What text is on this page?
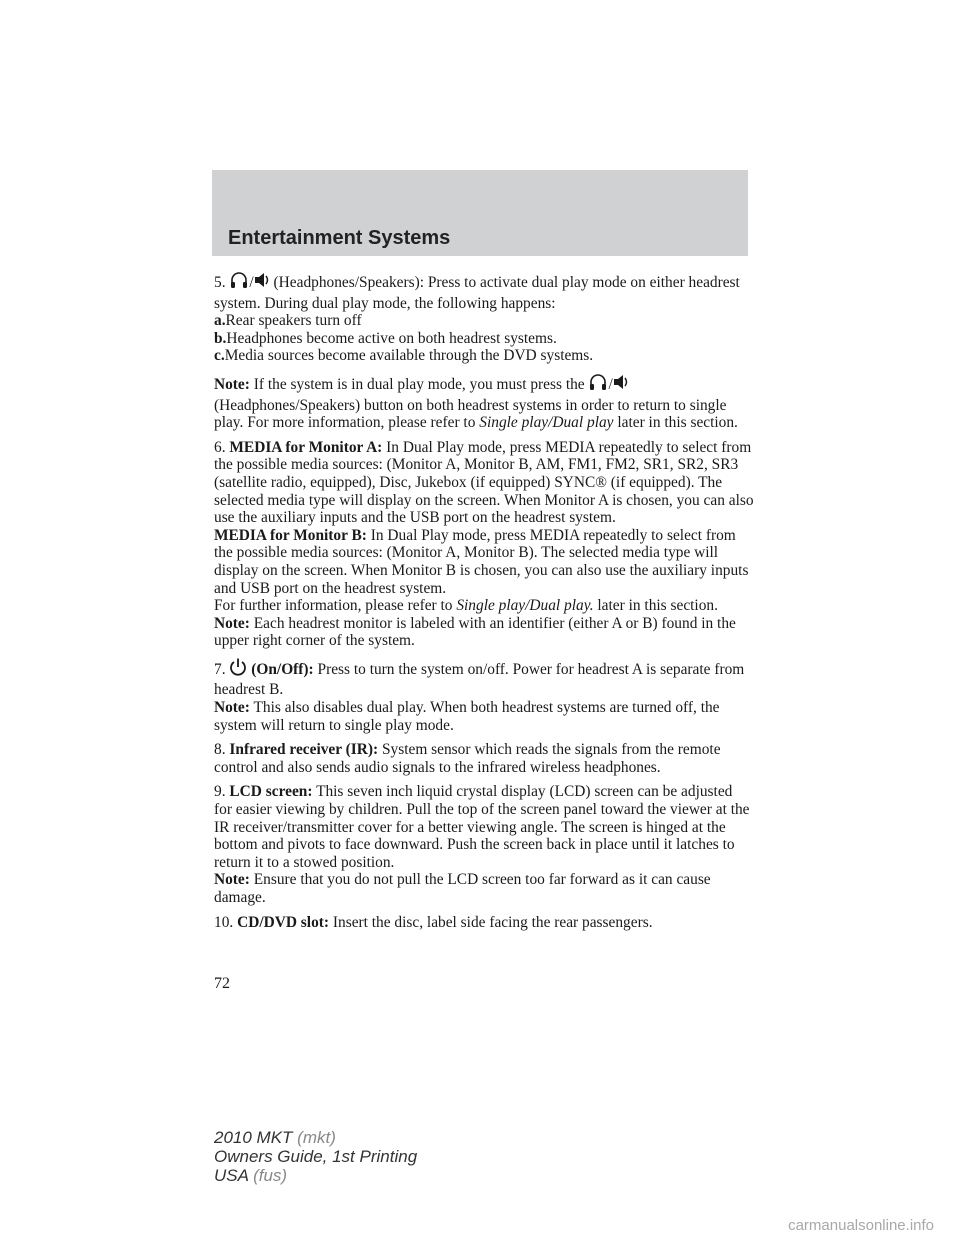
Entertainment Systems

5. / (Headphones/Speakers): Press to activate dual play mode on either headrest system. During dual play mode, the following happens:

a.Rear speakers turn off

b.Headphones become active on both headrest systems.

c.Media sources become available through the DVD systems.

Note: If the system is in dual play mode, you must press the / (Headphones/Speakers) button on both headrest systems in order to return to single play. For more information, please refer to Single play/Dual play later in this section.

6. MEDIA for Monitor A: In Dual Play mode, press MEDIA repeatedly to select from the possible media sources: (Monitor A, Monitor B, AM, FM1, FM2, SR1, SR2, SR3 (satellite radio, equipped), Disc, Jukebox (if equipped) SYNC® (if equipped). The selected media type will display on the screen. When Monitor A is chosen, you can also use the auxiliary inputs and the USB port on the headrest system.

MEDIA for Monitor B: In Dual Play mode, press MEDIA repeatedly to select from the possible media sources: (Monitor A, Monitor B). The selected media type will display on the screen. When Monitor B is chosen, you can also use the auxiliary inputs and USB port on the headrest system.

For further information, please refer to Single play/Dual play. later in this section.

Note: Each headrest monitor is labeled with an identifier (either A or B) found in the upper right corner of the system.

7. (On/Off): Press to turn the system on/off. Power for headrest A is separate from headrest B.

Note: This also disables dual play. When both headrest systems are turned off, the system will return to single play mode.

8. Infrared receiver (IR): System sensor which reads the signals from the remote control and also sends audio signals to the infrared wireless headphones.

9. LCD screen: This seven inch liquid crystal display (LCD) screen can be adjusted for easier viewing by children. Pull the top of the screen panel toward the viewer at the IR receiver/transmitter cover for a better viewing angle. The screen is hinged at the bottom and pivots to face downward. Push the screen back in place until it latches to return it to a stowed position.

Note: Ensure that you do not pull the LCD screen too far forward as it can cause damage.

10. CD/DVD slot: Insert the disc, label side facing the rear passengers.

72
2010 MKT (mkt)
Owners Guide, 1st Printing
USA (fus)
carmanualsonline.info
